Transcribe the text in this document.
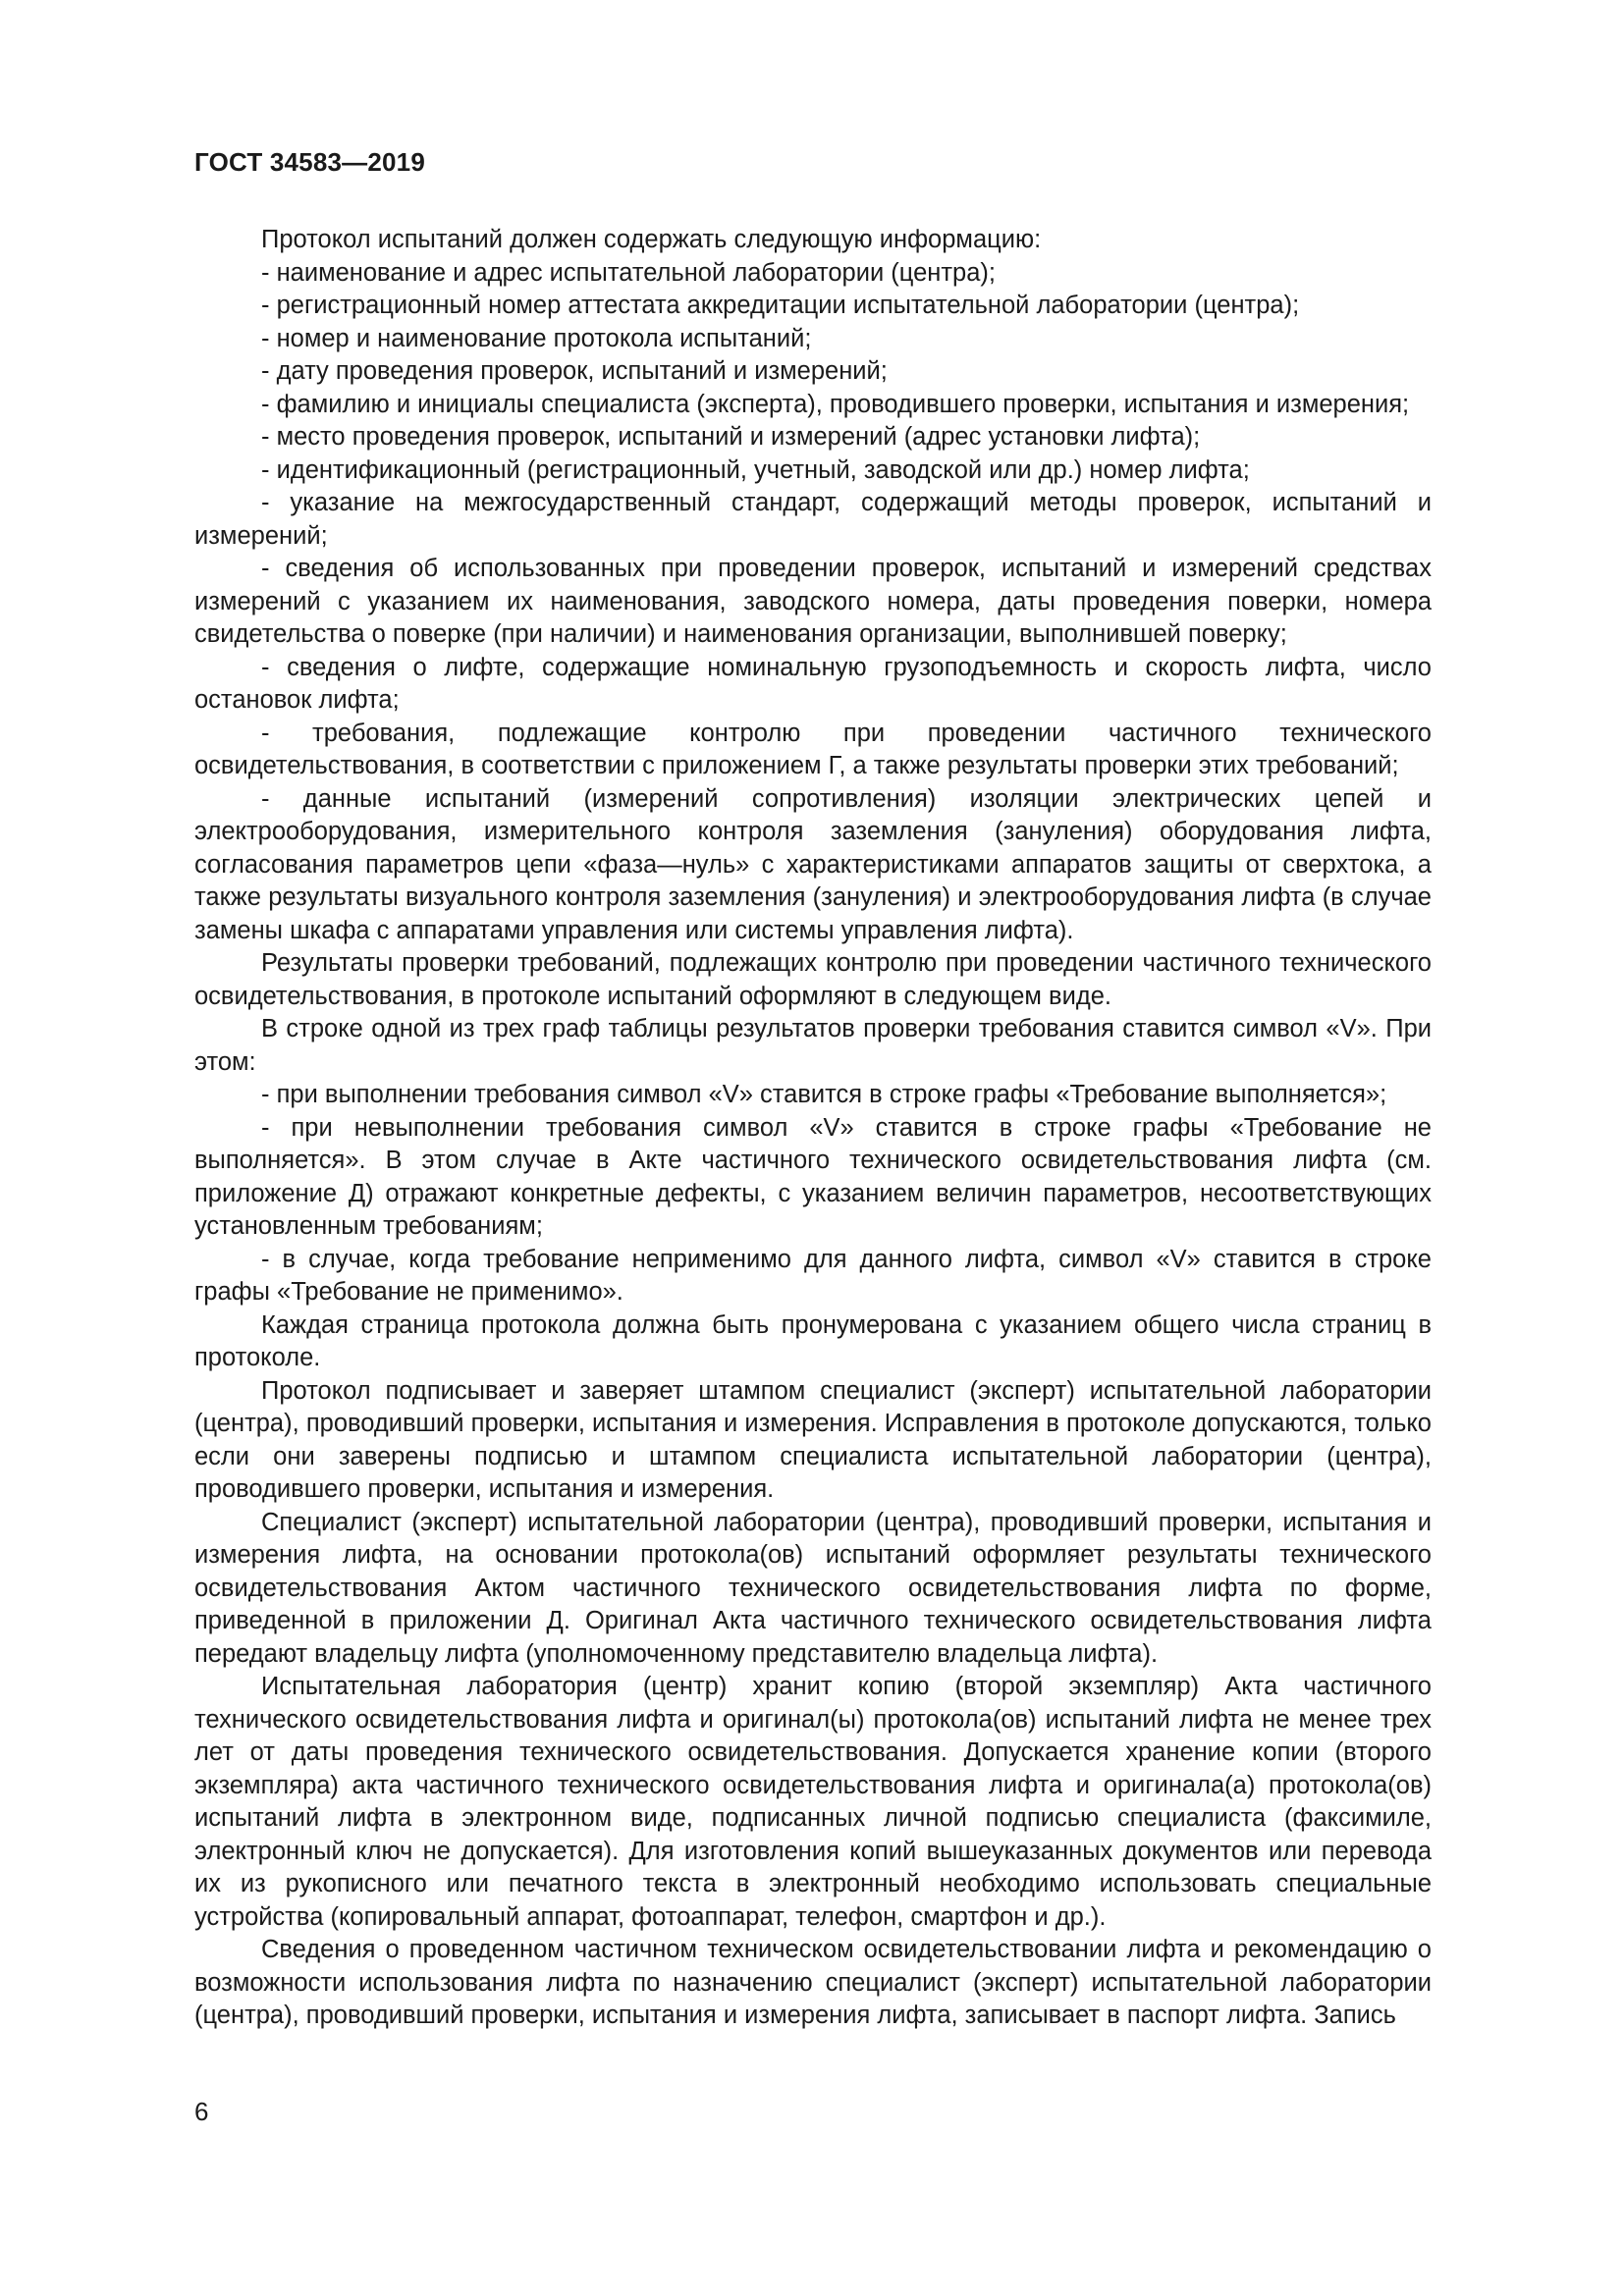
ГОСТ 34583—2019

Протокол испытаний должен содержать следующую информацию:

- наименование и адрес испытательной лаборатории (центра);

- регистрационный номер аттестата аккредитации испытательной лаборатории (центра);

- номер и наименование протокола испытаний;

- дату проведения проверок, испытаний и измерений;

- фамилию и инициалы специалиста (эксперта), проводившего проверки, испытания и измерения;

- место проведения проверок, испытаний и измерений (адрес установки лифта);

- идентификационный (регистрационный, учетный, заводской или др.) номер лифта;

- указание на межгосударственный стандарт, содержащий методы проверок, испытаний и измерений;

- сведения об использованных при проведении проверок, испытаний и измерений средствах измерений с указанием их наименования, заводского номера, даты проведения поверки, номера свидетельства о поверке (при наличии) и наименования организации, выполнившей поверку;

- сведения о лифте, содержащие номинальную грузоподъемность и скорость лифта, число остановок лифта;

- требования, подлежащие контролю при проведении частичного технического освидетельствования, в соответствии с приложением Г, а также результаты проверки этих требований;

- данные испытаний (измерений сопротивления) изоляции электрических цепей и электрооборудования, измерительного контроля заземления (зануления) оборудования лифта, согласования параметров цепи «фаза—нуль» с характеристиками аппаратов защиты от сверхтока, а также результаты визуального контроля заземления (зануления) и электрооборудования лифта (в случае замены шкафа с аппаратами управления или системы управления лифта).

Результаты проверки требований, подлежащих контролю при проведении частичного технического освидетельствования, в протоколе испытаний оформляют в следующем виде.

В строке одной из трех граф таблицы результатов проверки требования ставится символ «V». При этом:

- при выполнении требования символ «V» ставится в строке графы «Требование выполняется»;

- при невыполнении требования символ «V» ставится в строке графы «Требование не выполняется». В этом случае в Акте частичного технического освидетельствования лифта (см. приложение Д) отражают конкретные дефекты, с указанием величин параметров, несоответствующих установленным требованиям;

- в случае, когда требование неприменимо для данного лифта, символ «V» ставится в строке графы «Требование не применимо».

Каждая страница протокола должна быть пронумерована с указанием общего числа страниц в протоколе.

Протокол подписывает и заверяет штампом специалист (эксперт) испытательной лаборатории (центра), проводивший проверки, испытания и измерения. Исправления в протоколе допускаются, только если они заверены подписью и штампом специалиста испытательной лаборатории (центра), проводившего проверки, испытания и измерения.

Специалист (эксперт) испытательной лаборатории (центра), проводивший проверки, испытания и измерения лифта, на основании протокола(ов) испытаний оформляет результаты технического освидетельствования Актом частичного технического освидетельствования лифта по форме, приведенной в приложении Д. Оригинал Акта частичного технического освидетельствования лифта передают владельцу лифта (уполномоченному представителю владельца лифта).

Испытательная лаборатория (центр) хранит копию (второй экземпляр) Акта частичного технического освидетельствования лифта и оригинал(ы) протокола(ов) испытаний лифта не менее трех лет от даты проведения технического освидетельствования. Допускается хранение копии (второго экземпляра) акта частичного технического освидетельствования лифта и оригинала(а) протокола(ов) испытаний лифта в электронном виде, подписанных личной подписью специалиста (факсимиле, электронный ключ не допускается). Для изготовления копий вышеуказанных документов или перевода их из рукописного или печатного текста в электронный необходимо использовать специальные устройства (копировальный аппарат, фотоаппарат, телефон, смартфон и др.).

Сведения о проведенном частичном техническом освидетельствовании лифта и рекомендацию о возможности использования лифта по назначению специалист (эксперт) испытательной лаборатории (центра), проводивший проверки, испытания и измерения лифта, записывает в паспорт лифта. Запись

6
